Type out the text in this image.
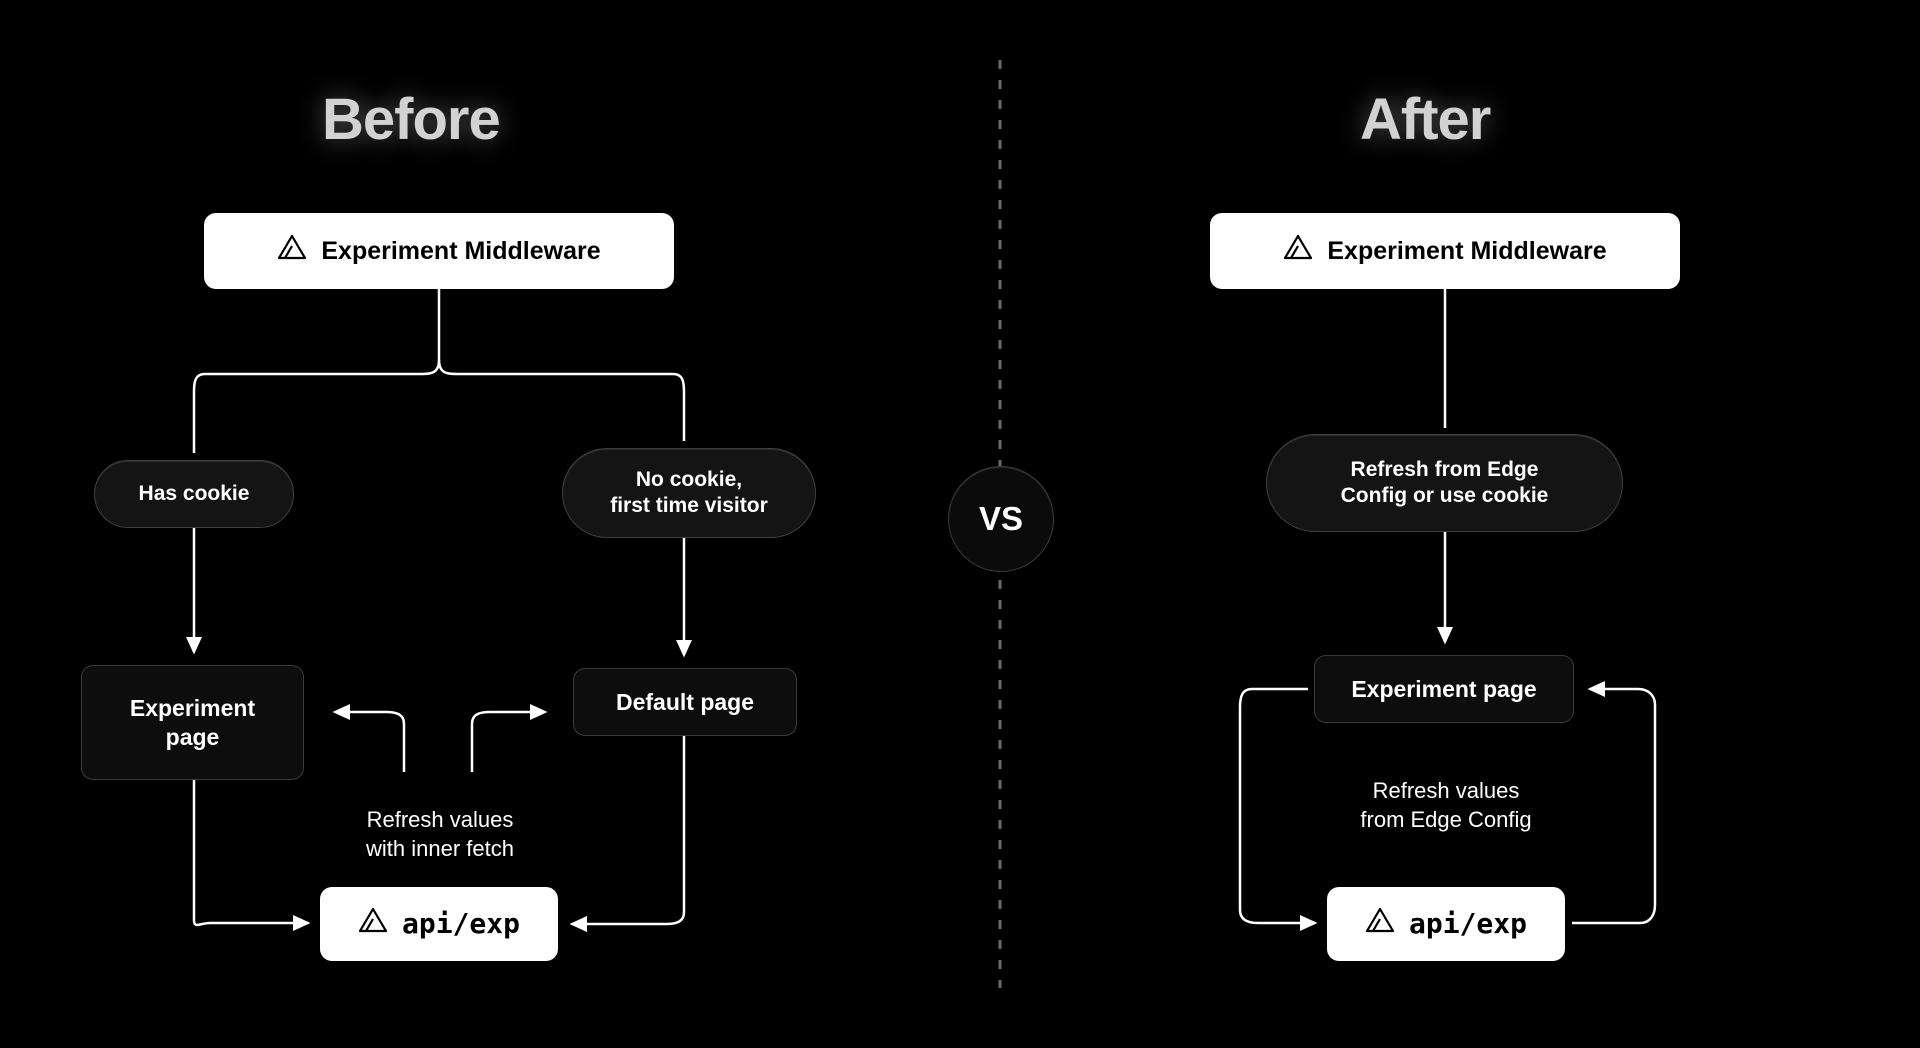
Before	After
VS
Experiment Middleware
Has cookie
No cookie,
first time visitor
Experiment
page
Default page
Refresh values
with inner fetch
api/exp
Experiment Middleware
Refresh from Edge
Config or use cookie
Experiment page
Refresh values
from Edge Config
api/exp
